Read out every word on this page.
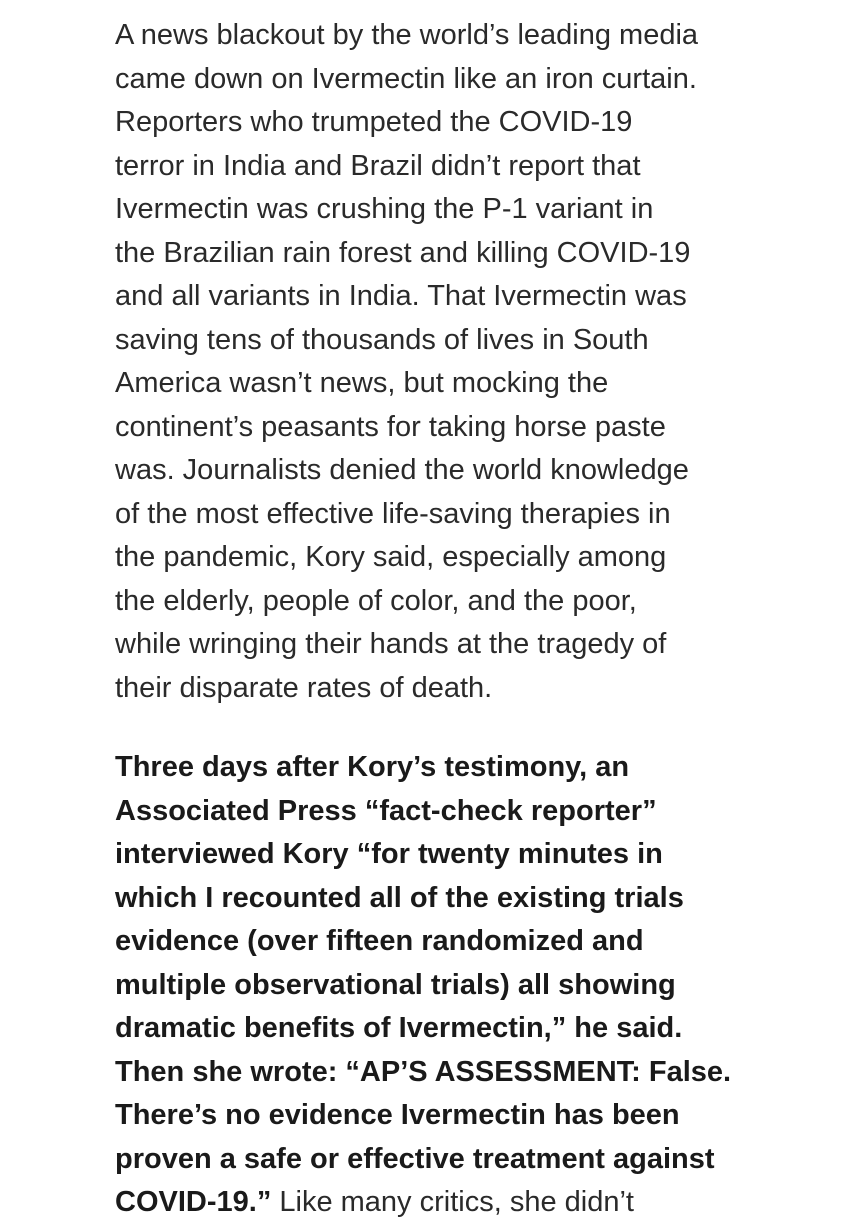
A news blackout by the world’s leading media
came down on Ivermectin like an iron curtain.
Reporters who trumpeted the COVID-19
terror in India and Brazil didn’t report that
Ivermectin was crushing the P-1 variant in
the Brazilian rain forest and killing COVID-19
and all variants in India. That Ivermectin was
saving tens of thousands of lives in South
America wasn’t news, but mocking the
continent’s peasants for taking horse paste
was. Journalists denied the world knowledge
of the most effective life-saving therapies in
the pandemic, Kory said, especially among
the elderly, people of color, and the poor,
while wringing their hands at the tragedy of
their disparate rates of death.

Three days after Kory’s testimony, an
Associated Press “fact-check reporter”
interviewed Kory “for twenty minutes in
which I recounted all of the existing trials
evidence (over fifteen randomized and
multiple observational trials) all showing
dramatic benefits of Ivermectin,” he said.
Then she wrote: “AP’S ASSESSMENT: False.
There’s no evidence Ivermectin has been
proven a safe or effective treatment against
COVID-19.” Like many critics, she didn’t
